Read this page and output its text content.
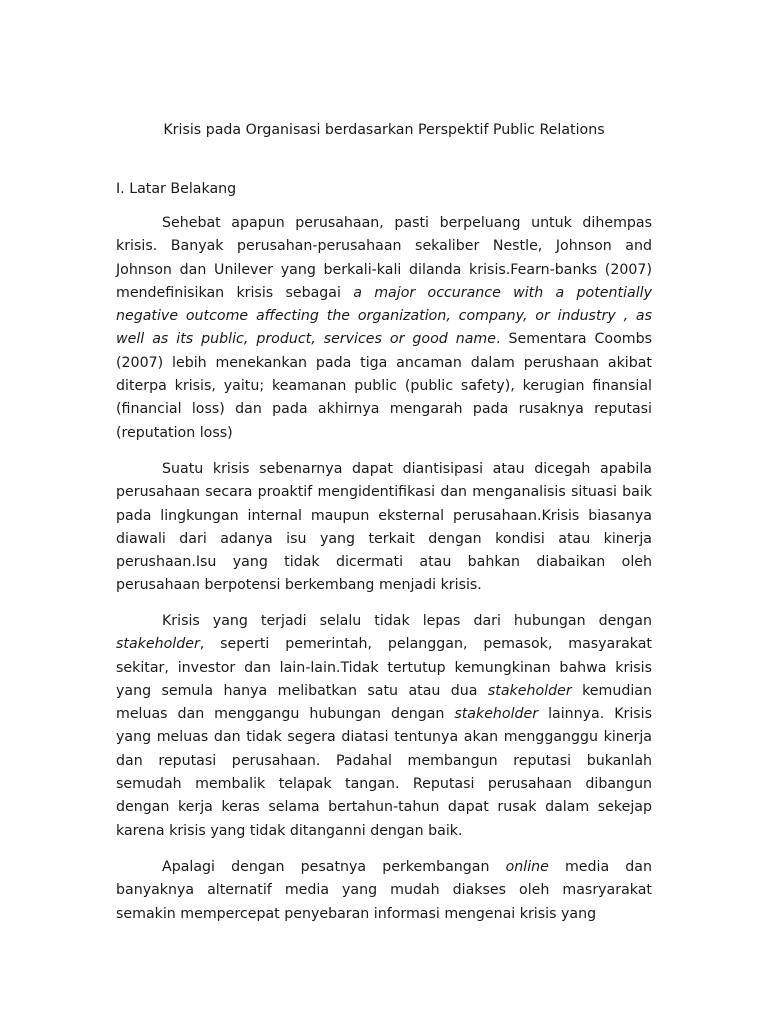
Krisis pada Organisasi berdasarkan Perspektif Public Relations
I. Latar Belakang

Sehebat apapun perusahaan, pasti berpeluang untuk dihempas krisis. Banyak perusahan-perusahaan sekaliber Nestle, Johnson and Johnson dan Unilever yang berkali-kali dilanda krisis.Fearn-banks (2007) mendefinisikan krisis sebagai a major occurance with a potentially negative outcome affecting the organization, company, or industry , as well as its public, product, services or good name. Sementara Coombs (2007) lebih menekankan pada tiga ancaman dalam perushaan akibat diterpa krisis, yaitu; keamanan public (public safety), kerugian finansial (financial loss) dan pada akhirnya mengarah pada rusaknya reputasi (reputation loss)

Suatu krisis sebenarnya dapat diantisipasi atau dicegah apabila perusahaan secara proaktif mengidentifikasi dan menganalisis situasi baik pada lingkungan internal maupun eksternal perusahaan.Krisis biasanya diawali dari adanya isu yang terkait dengan kondisi atau kinerja perushaan.Isu yang tidak dicermati atau bahkan diabaikan oleh perusahaan berpotensi berkembang menjadi krisis.

Krisis yang terjadi selalu tidak lepas dari hubungan dengan stakeholder, seperti pemerintah, pelanggan, pemasok, masyarakat sekitar, investor dan lain-lain.Tidak tertutup kemungkinan bahwa krisis yang semula hanya melibatkan satu atau dua stakeholder kemudian meluas dan menggangu hubungan dengan stakeholder lainnya. Krisis yang meluas dan tidak segera diatasi tentunya akan mengganggu kinerja dan reputasi perusahaan. Padahal membangun reputasi bukanlah semudah membalik telapak tangan. Reputasi perusahaan dibangun dengan kerja keras selama bertahun-tahun dapat rusak dalam sekejap karena krisis yang tidak ditanganni dengan baik.

Apalagi dengan pesatnya perkembangan online media dan banyaknya alternatif media yang mudah diakses oleh masryarakat semakin mempercepat penyebaran informasi mengenai krisis yang
